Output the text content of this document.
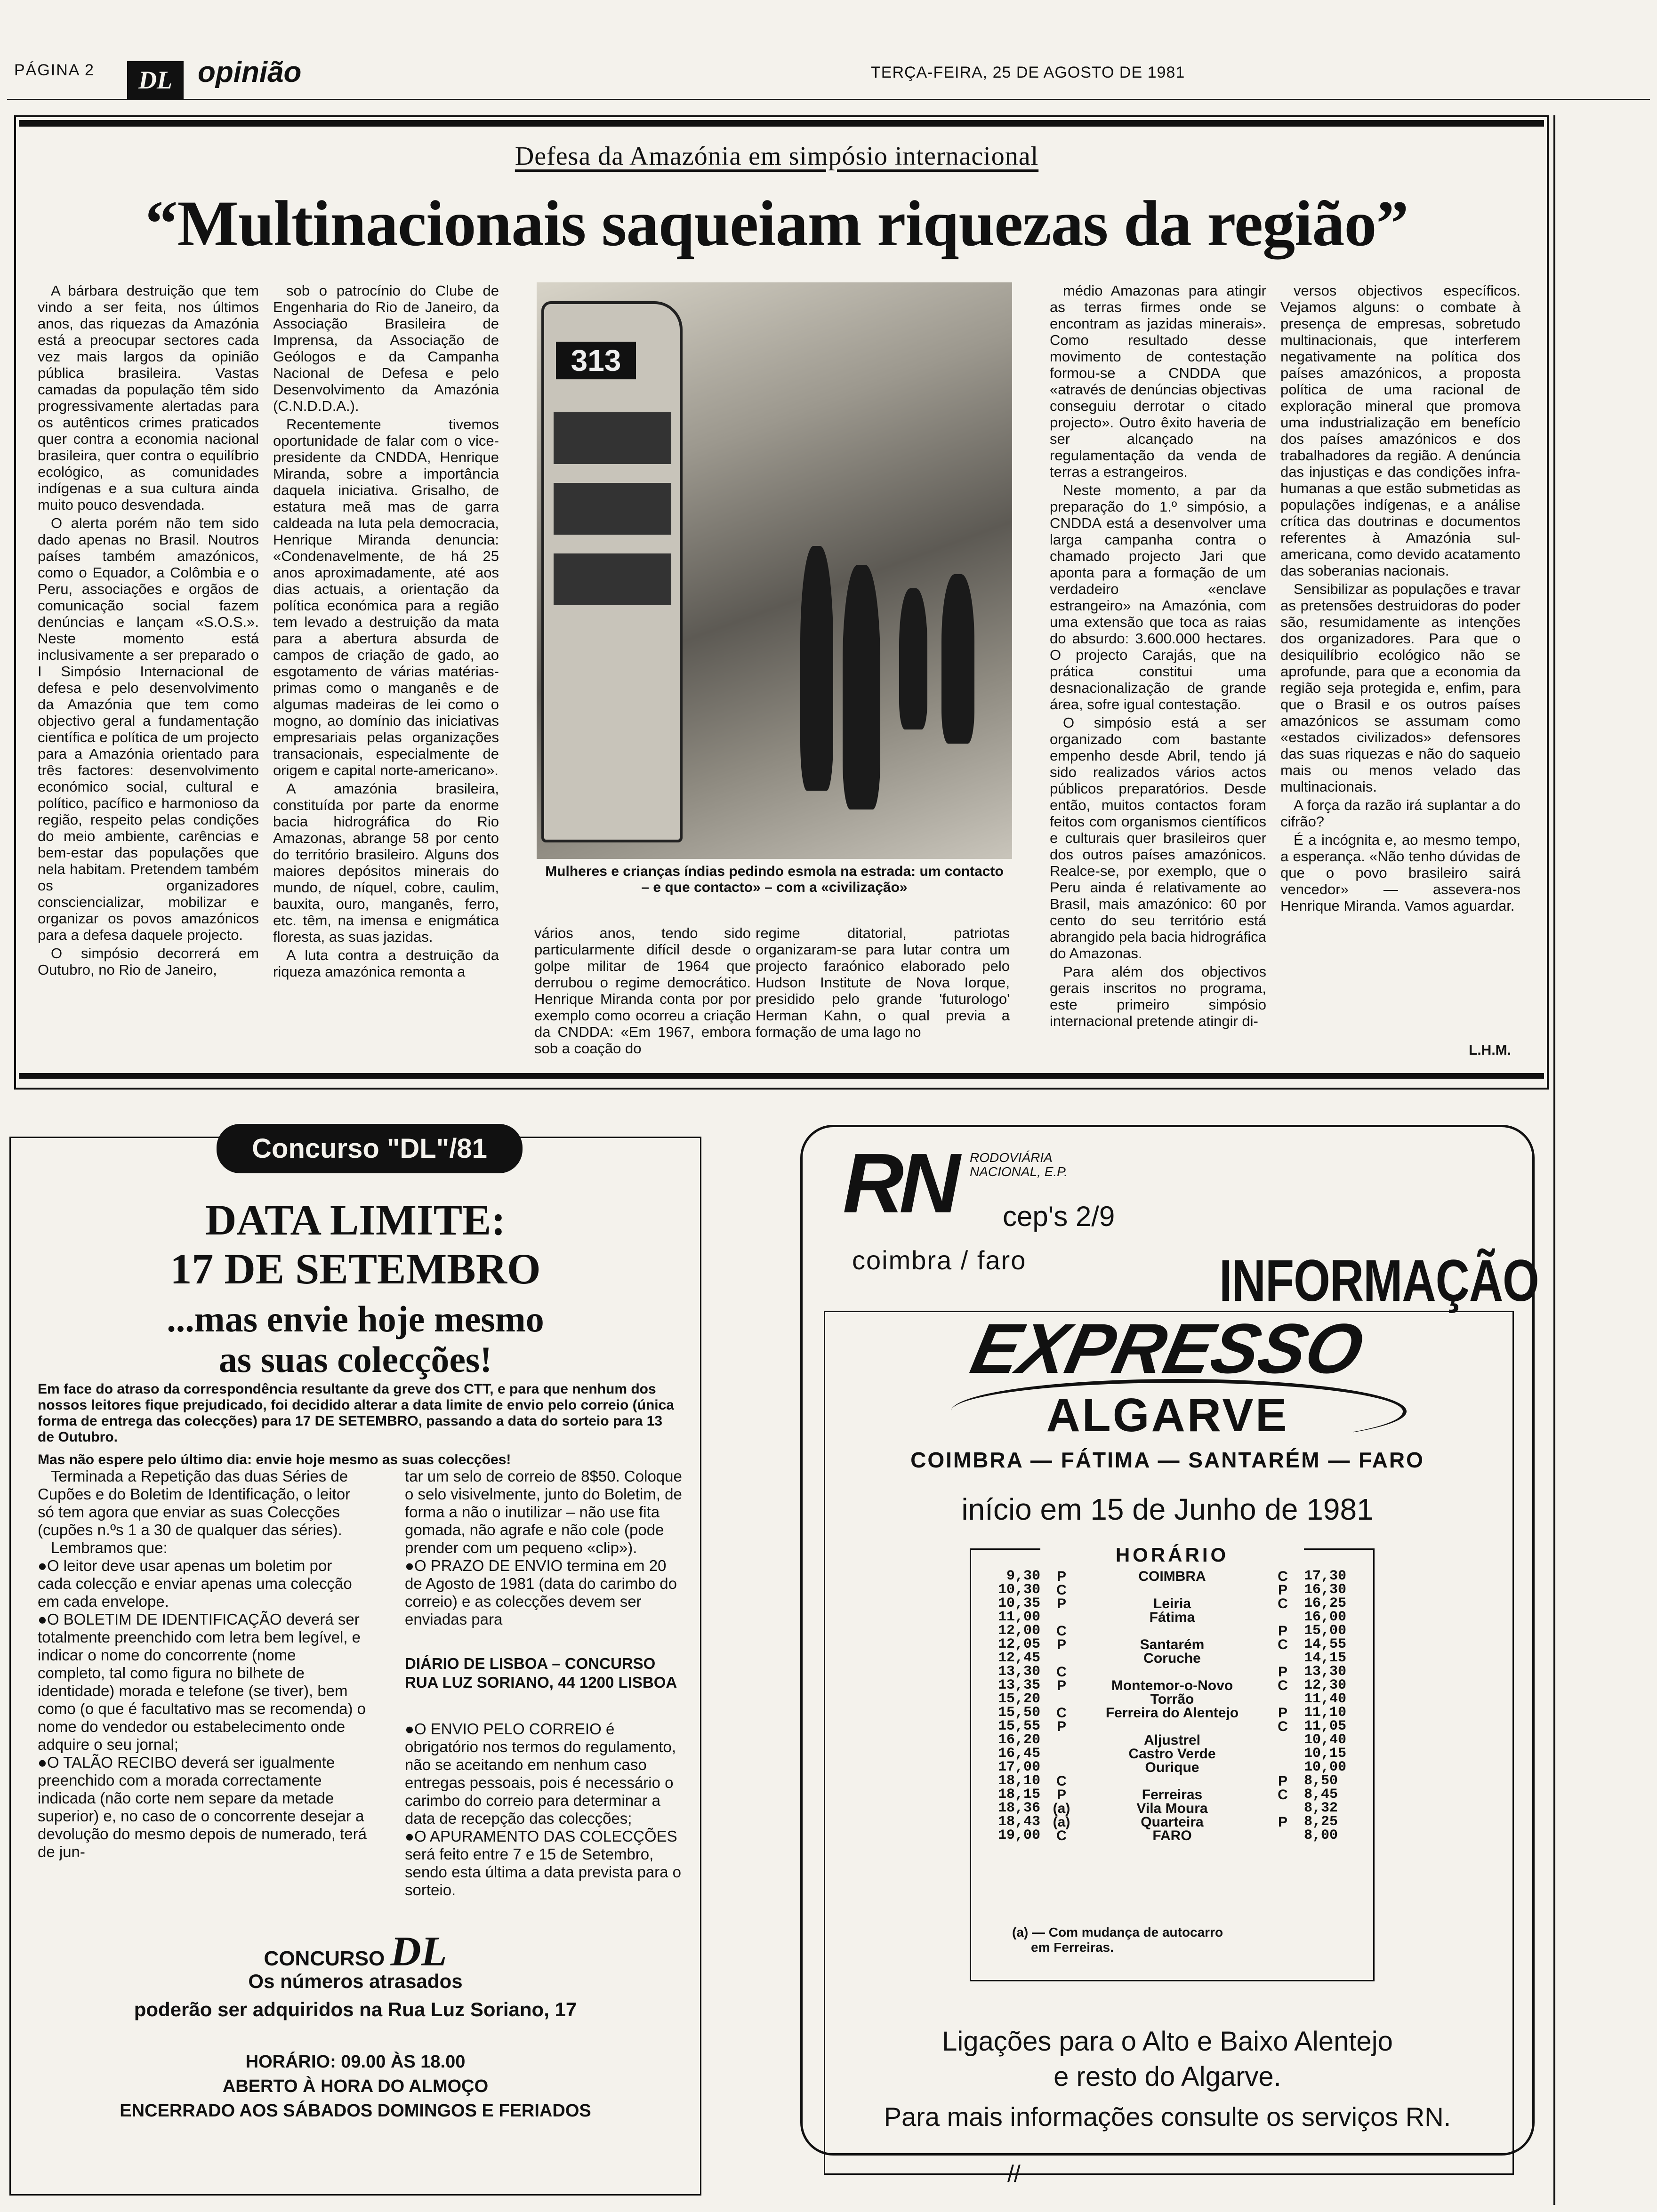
PÁGINA 2	DL opinião	TERÇA-FEIRA, 25 DE AGOSTO DE 1981
Defesa da Amazónia em simpósio internacional
“Multinacionais saqueiam riquezas da região”

A bárbara destruição que tem vindo a ser feita, nos últimos anos, das riquezas da Amazónia está a preocupar sectores cada vez mais largos da opinião pública brasileira. Vastas camadas da população têm sido progressivamente alertadas para os autênticos crimes praticados quer contra a economia nacional brasileira, quer contra o equilíbrio ecológico, as comunidades indígenas e a sua cultura ainda muito pouco desvendada.

O alerta porém não tem sido dado apenas no Brasil. Noutros países também amazónicos, como o Equador, a Colômbia e o Peru, associações e orgãos de comunicação social fazem denúncias e lançam «S.O.S.». Neste momento está inclusivamente a ser preparado o I Simpósio Internacional de defesa e pelo desenvolvimento da Amazónia que tem como objectivo geral a fundamentação científica e política de um projecto para a Amazónia orientado para três factores: desenvolvimento económico social, cultural e político, pacífico e harmonioso da região, respeito pelas condições do meio ambiente, carências e bem-estar das populações que nela habitam. Pretendem também os organizadores consciencializar, mobilizar e organizar os povos amazónicos para a defesa daquele projecto.

O simpósio decorrerá em Outubro, no Rio de Janeiro,

sob o patrocínio do Clube de Engenharia do Rio de Janeiro, da Associação Brasileira de Imprensa, da Associação de Geólogos e da Campanha Nacional de Defesa e pelo Desenvolvimento da Amazónia (C.N.D.D.A.).

Recentemente tivemos oportunidade de falar com o vice-presidente da CNDDA, Henrique Miranda, sobre a importância daquela iniciativa. Grisalho, de estatura meã mas de garra caldeada na luta pela democracia, Henrique Miranda denuncia: «Condenavelmente, de há 25 anos aproximadamente, até aos dias actuais, a orientação da política económica para a região tem levado a destruição da mata para a abertura absurda de campos de criação de gado, ao esgotamento de várias matérias-primas como o manganês e de algumas madeiras de lei como o mogno, ao domínio das iniciativas empresariais pelas organizações transacionais, especialmente de origem e capital norte-americano».

A amazónia brasileira, constituída por parte da enorme bacia hidrográfica do Rio Amazonas, abrange 58 por cento do território brasileiro. Alguns dos maiores depósitos minerais do mundo, de níquel, cobre, caulim, bauxita, ouro, manganês, ferro, etc. têm, na imensa e enigmática floresta, as suas jazidas.

A luta contra a destruição da riqueza amazónica remonta a

313
Mulheres e crianças índias pedindo esmola na estrada: um contacto
– e que contacto» – com a «civilização»

vários anos, tendo sido particularmente difícil desde o golpe militar de 1964 que derrubou o regime democrático. Henrique Miranda conta por por exemplo como ocorreu a criação da CNDDA: «Em 1967, embora sob a coação do

regime ditatorial, patriotas organizaram-se para lutar contra um projecto faraónico elaborado pelo Hudson Institute de Nova Iorque, presidido pelo grande 'futurologo' Herman Kahn, o qual previa a formação de uma lago no

médio Amazonas para atingir as terras firmes onde se encontram as jazidas minerais». Como resultado desse movimento de contestação formou-se a CNDDA que «através de denúncias objectivas conseguiu derrotar o citado projecto». Outro êxito haveria de ser alcançado na regulamentação da venda de terras a estrangeiros.

Neste momento, a par da preparação do 1.º simpósio, a CNDDA está a desenvolver uma larga campanha contra o chamado projecto Jari que aponta para a formação de um verdadeiro «enclave estrangeiro» na Amazónia, com uma extensão que toca as raias do absurdo: 3.600.000 hectares. O projecto Carajás, que na prática constitui uma desnacionalização de grande área, sofre igual contestação.

O simpósio está a ser organizado com bastante empenho desde Abril, tendo já sido realizados vários actos públicos preparatórios. Desde então, muitos contactos foram feitos com organismos científicos e culturais quer brasileiros quer dos outros países amazónicos. Realce-se, por exemplo, que o Peru ainda é relativamente ao Brasil, mais amazónico: 60 por cento do seu território está abrangido pela bacia hidrográfica do Amazonas.

Para além dos objectivos gerais inscritos no programa, este primeiro simpósio internacional pretende atingir di-

versos objectivos específicos. Vejamos alguns: o combate à presença de empresas, sobretudo multinacionais, que interferem negativamente na política dos países amazónicos, a proposta política de uma racional de exploração mineral que promova uma industrialização em benefício dos países amazónicos e dos trabalhadores da região. A denúncia das injustiças e das condições infra-humanas a que estão submetidas as populações indígenas, e a análise crítica das doutrinas e documentos referentes à Amazónia sul-americana, como devido acatamento das soberanias nacionais.

Sensibilizar as populações e travar as pretensões destruidoras do poder são, resumidamente as intenções dos organizadores. Para que o desiquilíbrio ecológico não se aprofunde, para que a economia da região seja protegida e, enfim, para que o Brasil e os outros países amazónicos se assumam como «estados civilizados» defensores das suas riquezas e não do saqueio mais ou menos velado das multinacionais.

A força da razão irá suplantar a do cifrão?

É a incógnita e, ao mesmo tempo, a esperança. «Não tenho dúvidas de que o povo brasileiro sairá vencedor» — assevera-nos Henrique Miranda. Vamos aguardar.

L.H.M.
Concurso "DL"/81
DATA LIMITE:
17 DE SETEMBRO
...mas envie hoje mesmo
as suas colecções!
Em face do atraso da correspondência resultante da greve dos CTT, e para que nenhum dos nossos leitores fique prejudicado, foi decidido alterar a data limite de envio pelo correio (única forma de entrega das colecções) para 17 DE SETEMBRO, passando a data do sorteio para 13 de Outubro.
Mas não espere pelo último dia: envie hoje mesmo as suas colecções!

Terminada a Repetição das duas Séries de Cupões e do Boletim de Identificação, o leitor só tem agora que enviar as suas Colecções (cupões n.ºs 1 a 30 de qualquer das séries).

Lembramos que:

● O leitor deve usar apenas um boletim por cada colecção e enviar apenas uma colecção em cada envelope.

● O BOLETIM DE IDENTIFICAÇÃO deverá ser totalmente preenchido com letra bem legível, e indicar o nome do concorrente (nome completo, tal como figura no bilhete de identidade) morada e telefone (se tiver), bem como (o que é facultativo mas se recomenda) o nome do vendedor ou estabelecimento onde adquire o seu jornal;

● O TALÃO RECIBO deverá ser igualmente preenchido com a morada correctamente indicada (não corte nem separe da metade superior) e, no caso de o concorrente desejar a devolução do mesmo depois de numerado, terá de jun-

tar um selo de correio de 8$50. Coloque o selo visivelmente, junto do Boletim, de forma a não o inutilizar – não use fita gomada, não agrafe e não cole (pode prender com um pequeno «clip»).

● O PRAZO DE ENVIO termina em 20 de Agosto de 1981 (data do carimbo do correio) e as colecções devem ser enviadas para

DIÁRIO DE LISBOA – CONCURSO
RUA LUZ SORIANO, 44 1200 LISBOA

● O ENVIO PELO CORREIO é obrigatório nos termos do regulamento, não se aceitando em nenhum caso entregas pessoais, pois é necessário o carimbo do correio para determinar a data de recepção das colecções;

● O APURAMENTO DAS COLECÇÕES será feito entre 7 e 15 de Setembro, sendo esta última a data prevista para o sorteio.

CONCURSO DL
Os números atrasados
poderão ser adquiridos na Rua Luz Soriano, 17
HORÁRIO: 09.00 ÀS 18.00
ABERTO À HORA DO ALMOÇO
ENCERRADO AOS SÁBADOS DOMINGOS E FERIADOS
RN RODOVIÁRIA
NACIONAL, E.P.
cep's 2/9
coimbra / faro	INFORMAÇÃO
EXPRESSO
ALGARVE
COIMBRA — FÁTIMA — SANTARÉM — FARO
início em 15 de Junho de 1981
HORÁRIO
9,30	P	COIMBRA	C	17,30
10,30	C		P	16,30
10,35	P	Leiria	C	16,25
11,00		Fátima		16,00
12,00	C		P	15,00
12,05	P	Santarém	C	14,55
12,45		Coruche		14,15
13,30	C		P	13,30
13,35	P	Montemor-o-Novo	C	12,30
15,20		Torrão		11,40
15,50	C	Ferreira do Alentejo	P	11,10
15,55	P		C	11,05
16,20		Aljustrel		10,40
16,45		Castro Verde		10,15
17,00		Ourique		10,00
18,10	C		P	8,50
18,15	P	Ferreiras	C	8,45
18,36	(a)	Vila Moura		8,32
18,43	(a)	Quarteira	P	8,25
19,00	C	FARO		8,00
(a) — Com mudança de autocarro
em Ferreiras.
Ligações para o Alto e Baixo Alentejo
e resto do Algarve.
Para mais informações consulte os serviços RN.
//
